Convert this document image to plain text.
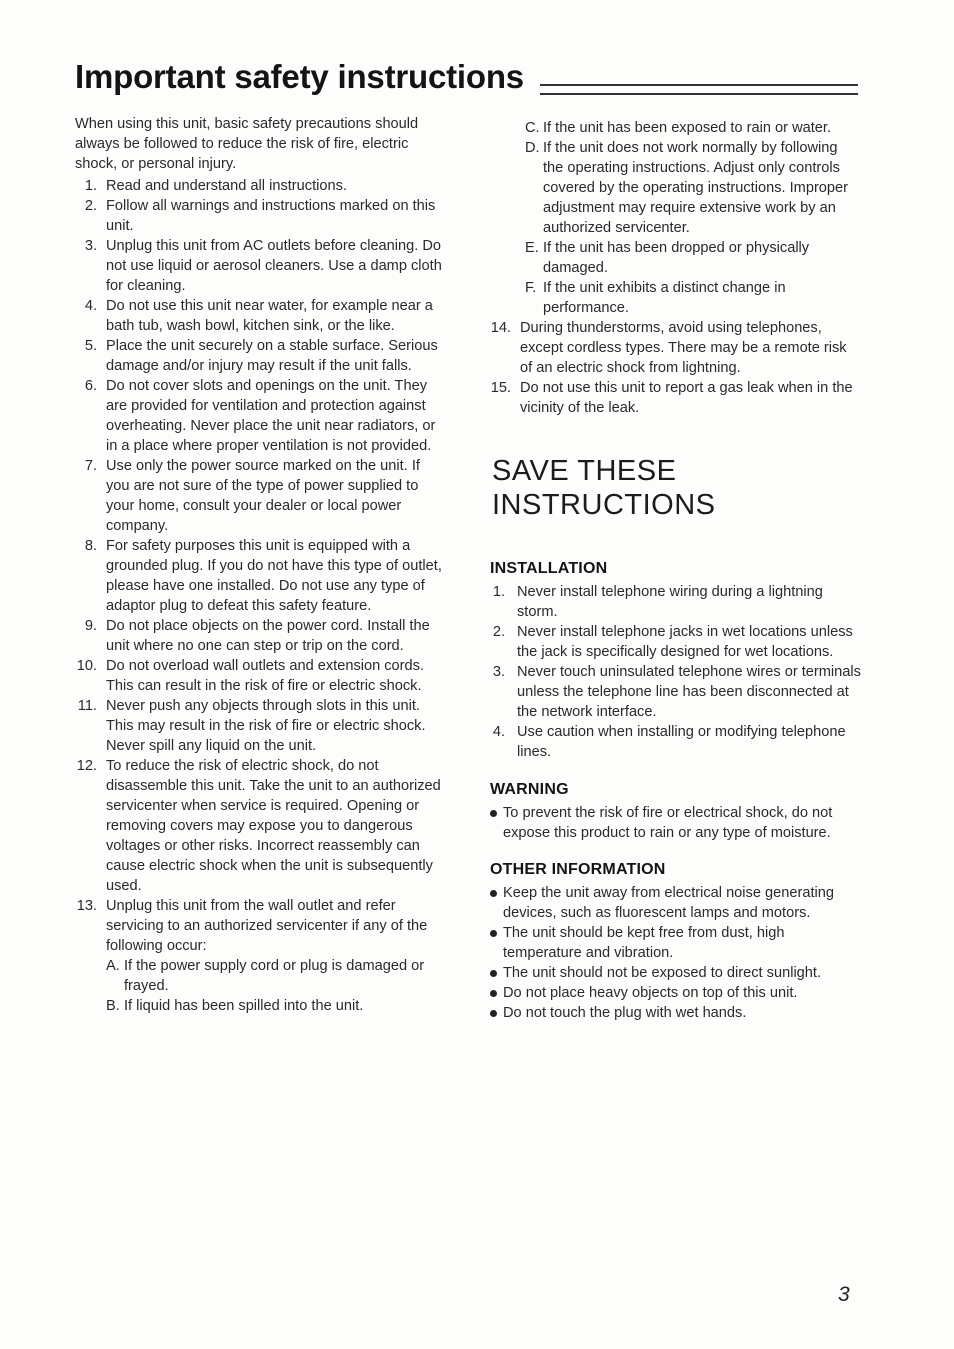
Important safety instructions

When using this unit, basic safety precautions should always be followed to reduce the risk of fire, electric shock, or personal injury.

1. Read and understand all instructions.
2. Follow all warnings and instructions marked on this unit.
3. Unplug this unit from AC outlets before cleaning. Do not use liquid or aerosol cleaners. Use a damp cloth for cleaning.
4. Do not use this unit near water, for example near a bath tub, wash bowl, kitchen sink, or the like.
5. Place the unit securely on a stable surface. Serious damage and/or injury may result if the unit falls.
6. Do not cover slots and openings on the unit. They are provided for ventilation and protection against overheating. Never place the unit near radiators, or in a place where proper ventilation is not provided.
7. Use only the power source marked on the unit. If you are not sure of the type of power supplied to your home, consult your dealer or local power company.
8. For safety purposes this unit is equipped with a grounded plug. If you do not have this type of outlet, please have one installed. Do not use any type of adaptor plug to defeat this safety feature.
9. Do not place objects on the power cord. Install the unit where no one can step or trip on the cord.
10. Do not overload wall outlets and extension cords. This can result in the risk of fire or electric shock.
11. Never push any objects through slots in this unit. This may result in the risk of fire or electric shock. Never spill any liquid on the unit.
12. To reduce the risk of electric shock, do not disassemble this unit. Take the unit to an authorized servicenter when service is required. Opening or removing covers may expose you to dangerous voltages or other risks. Incorrect reassembly can cause electric shock when the unit is subsequently used.
13. Unplug this unit from the wall outlet and refer servicing to an authorized servicenter if any of the following occur:
A. If the power supply cord or plug is damaged or frayed.
B. If liquid has been spilled into the unit.
C. If the unit has been exposed to rain or water.
D. If the unit does not work normally by following the operating instructions. Adjust only controls covered by the operating instructions. Improper adjustment may require extensive work by an authorized servicenter.
E. If the unit has been dropped or physically damaged.
F. If the unit exhibits a distinct change in performance.
14. During thunderstorms, avoid using telephones, except cordless types. There may be a remote risk of an electric shock from lightning.
15. Do not use this unit to report a gas leak when in the vicinity of the leak.
SAVE THESE INSTRUCTIONS
INSTALLATION
1. Never install telephone wiring during a lightning storm.
2. Never install telephone jacks in wet locations unless the jack is specifically designed for wet locations.
3. Never touch uninsulated telephone wires or terminals unless the telephone line has been disconnected at the network interface.
4. Use caution when installing or modifying telephone lines.
WARNING
To prevent the risk of fire or electrical shock, do not expose this product to rain or any type of moisture.
OTHER INFORMATION
Keep the unit away from electrical noise generating devices, such as fluorescent lamps and motors.
The unit should be kept free from dust, high temperature and vibration.
The unit should not be exposed to direct sunlight.
Do not place heavy objects on top of this unit.
Do not touch the plug with wet hands.
3
